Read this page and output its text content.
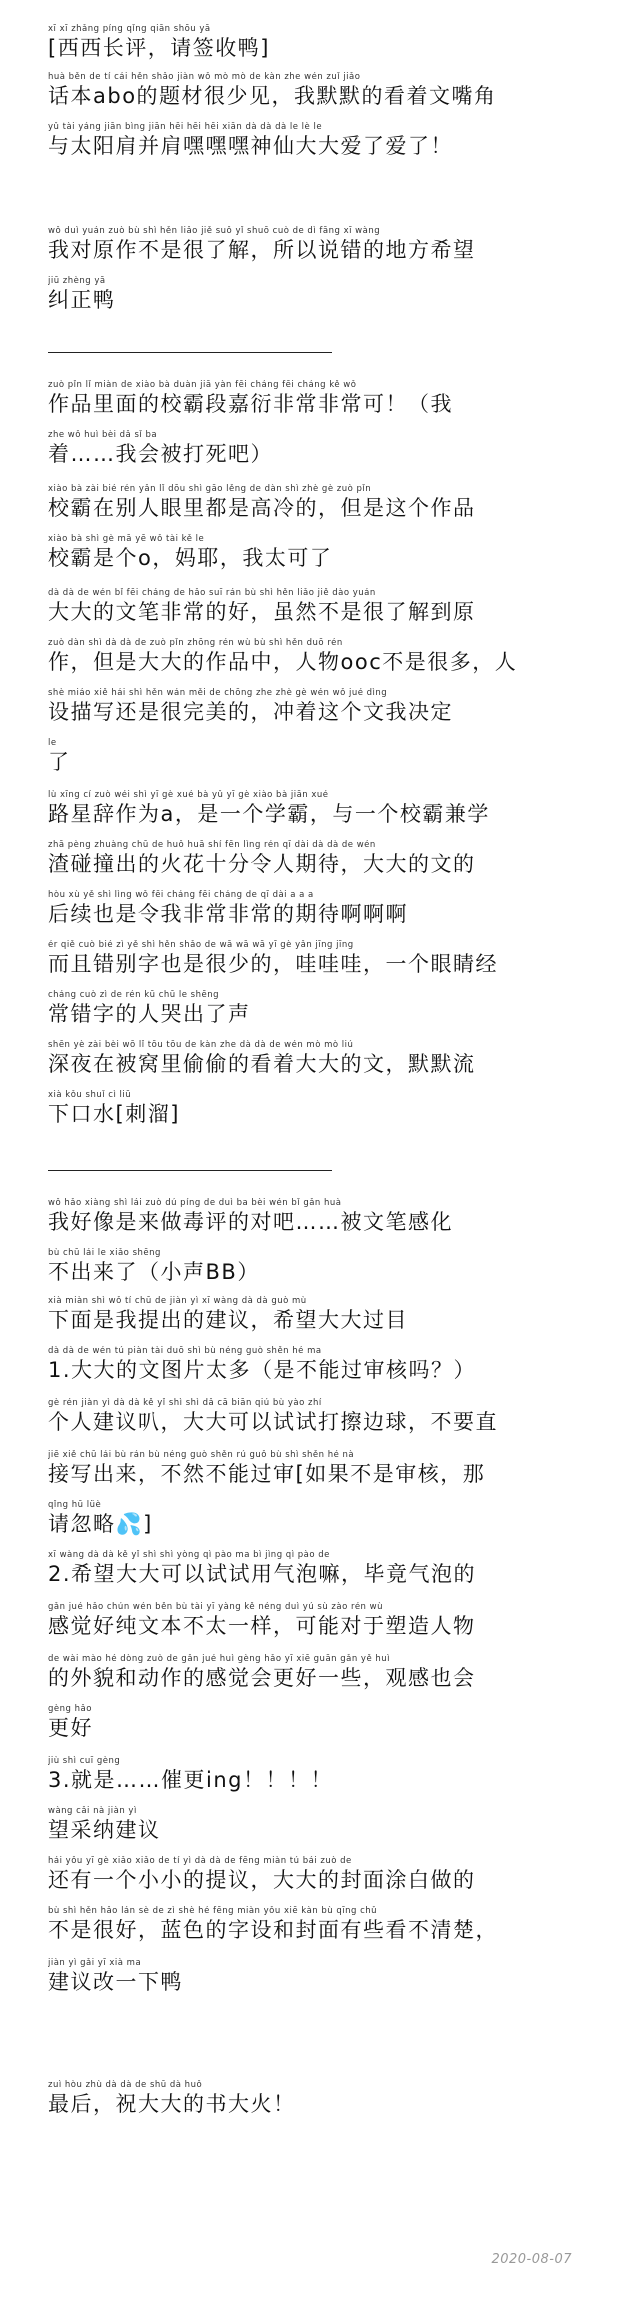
2020-08-07
xī xī zhǎng píng qǐng qiān shōu yā
[西西长评，请签收鸭]
huà běn de tí cái hěn shǎo jiàn wǒ mò mò de kàn zhe wén zuǐ jiǎo
话本abo的题材很少见，我默默的看着文嘴角
yǔ tài yáng jiān bìng jiān hēi hēi hēi xiān dà dà dà le lè le
与太阳肩并肩嘿嘿嘿神仙大大爱了爱了！
wǒ duì yuán zuò bù shì hěn liǎo jiě suǒ yǐ shuō cuò de dì fāng xī wàng
我对原作不是很了解，所以说错的地方希望
jiū zhèng yā
纠正鸭
zuò pǐn lǐ miàn de xiào bà duàn jiā yàn fēi cháng fēi cháng kě wǒ
作品里面的校霸段嘉衍非常非常可！（我
zhe wǒ huì bèi dǎ sǐ ba
着……我会被打死吧）
xiào bà zài bié rén yǎn lǐ dōu shì gāo lěng de dàn shì zhè gè zuò pǐn
校霸在别人眼里都是高冷的，但是这个作品
xiào bà shì gè mā yē wǒ tài kě le
校霸是个o，妈耶，我太可了
dà dà de wén bǐ fēi cháng de hǎo suī rán bù shì hěn liǎo jiě dào yuán
大大的文笔非常的好，虽然不是很了解到原
zuò dàn shì dà dà de zuò pǐn zhōng rén wù bù shì hěn duō rén
作，但是大大的作品中，人物ooc不是很多，人
shè miáo xiě hái shì hěn wán měi de chōng zhe zhè gè wén wǒ jué dìng
设描写还是很完美的，冲着这个文我决定
le
了
lù xīng cí zuò wéi shì yī gè xué bà yǔ yī gè xiào bà jiān xué
路星辞作为a，是一个学霸，与一个校霸兼学
zhā pèng zhuàng chū de huǒ huā shí fēn lìng rén qī dài dà dà de wén
渣碰撞出的火花十分令人期待，大大的文的
hòu xù yě shì lìng wǒ fēi cháng fēi cháng de qī dài a a a
后续也是令我非常非常的期待啊啊啊
ér qiě cuò bié zì yě shì hěn shǎo de wā wā wā yī gè yǎn jīng jīng
而且错别字也是很少的，哇哇哇，一个眼睛经
cháng cuò zì de rén kū chū le shēng
常错字的人哭出了声
shēn yè zài bèi wō lǐ tōu tōu de kàn zhe dà dà de wén mò mò liú
深夜在被窝里偷偷的看着大大的文，默默流
xià kǒu shuǐ cì liū
下口水[刺溜]
wǒ hǎo xiàng shì lái zuò dú píng de duì ba bèi wén bǐ gǎn huà
我好像是来做毒评的对吧……被文笔感化
bù chū lái le xiǎo shēng
不出来了（小声BB）
xià miàn shì wǒ tí chū de jiàn yì xī wàng dà dà guò mù
下面是我提出的建议，希望大大过目
dà dà de wén tú piàn tài duō shì bù néng guò shěn hé ma
1.大大的文图片太多（是不能过审核吗？）
gè rén jiàn yì dà dà kě yǐ shì shì dǎ cā biān qiú bù yào zhí
个人建议叭，大大可以试试打擦边球，不要直
jiē xiě chū lái bù rán bù néng guò shěn rú guǒ bù shì shěn hé nà
接写出来，不然不能过审[如果不是审核，那
qǐng hū lüè
请忽略💦]
xī wàng dà dà kě yǐ shì shì yòng qì pào ma bì jìng qì pào de
2.希望大大可以试试用气泡嘛，毕竟气泡的
gǎn jué hǎo chún wén běn bù tài yī yàng kě néng duì yú sù zào rén wù
感觉好纯文本不太一样，可能对于塑造人物
de wài mào hé dòng zuò de gǎn jué huì gèng hǎo yī xiē guān gǎn yě huì
的外貌和动作的感觉会更好一些，观感也会
gèng hǎo
更好
jiù shì cuī gèng
3.就是……催更ing！！！！
wàng cǎi nà jiàn yì
望采纳建议
hái yǒu yī gè xiǎo xiǎo de tí yì dà dà de fēng miàn tú bái zuò de
还有一个小小的提议，大大的封面涂白做的
bù shì hěn hǎo lán sè de zì shè hé fēng miàn yǒu xiē kàn bù qīng chǔ
不是很好，蓝色的字设和封面有些看不清楚，
jiàn yì gǎi yī xià ma
建议改一下鸭
zuì hòu zhù dà dà de shū dà huǒ
最后，祝大大的书大火！
